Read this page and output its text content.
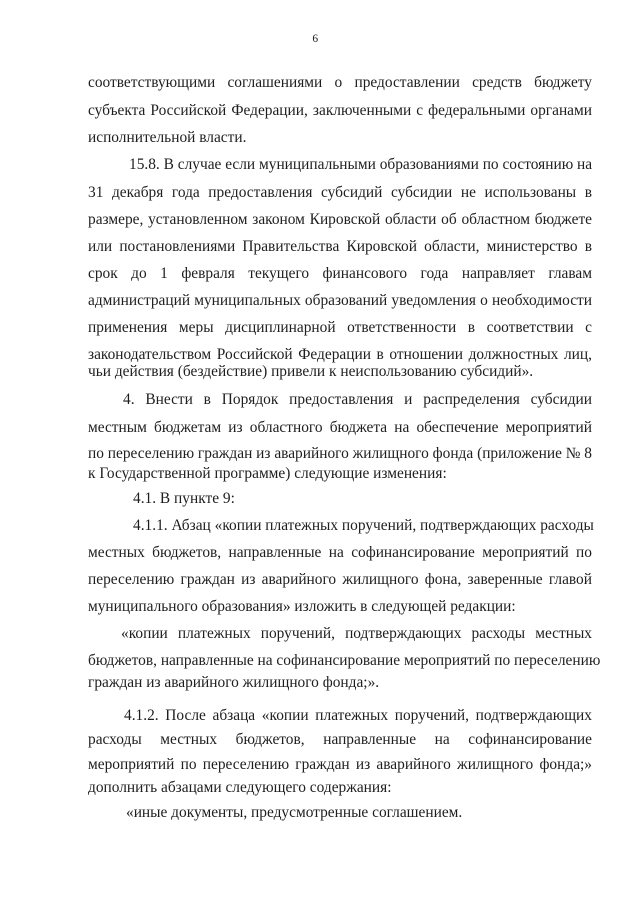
6
соответствующими соглашениями о предоставлении средств бюджету
субъекта Российской Федерации, заключенными с федеральными органами
исполнительной власти.
15.8. В случае если муниципальными образованиями по состоянию на
31 декабря года предоставления субсидий субсидии не использованы в
размере, установленном законом Кировской области об областном бюджете
или постановлениями Правительства Кировской области, министерство в
срок до 1 февраля текущего финансового года направляет главам
администраций муниципальных образований уведомления о необходимости
применения меры дисциплинарной ответственности в соответствии с
законодательством Российской Федерации в отношении должностных лиц,
чьи действия (бездействие) привели к неиспользованию субсидий».
4. Внести в Порядок предоставления и распределения субсидии
местным бюджетам из областного бюджета на обеспечение мероприятий
по переселению граждан из аварийного жилищного фонда (приложение № 8
к Государственной программе) следующие изменения:
4.1. В пункте 9:
4.1.1. Абзац «копии платежных поручений, подтверждающих расходы
местных бюджетов, направленные на софинансирование мероприятий по
переселению граждан из аварийного жилищного фона, заверенные главой
муниципального образования» изложить в следующей редакции:
«копии платежных поручений, подтверждающих расходы местных
бюджетов, направленные на софинансирование мероприятий по переселению
граждан из аварийного жилищного фонда;».
4.1.2. После абзаца «копии платежных поручений, подтверждающих
расходы местных бюджетов, направленные на софинансирование
мероприятий по переселению граждан из аварийного жилищного фонда;»
дополнить абзацами следующего содержания:
«иные документы, предусмотренные соглашением.
